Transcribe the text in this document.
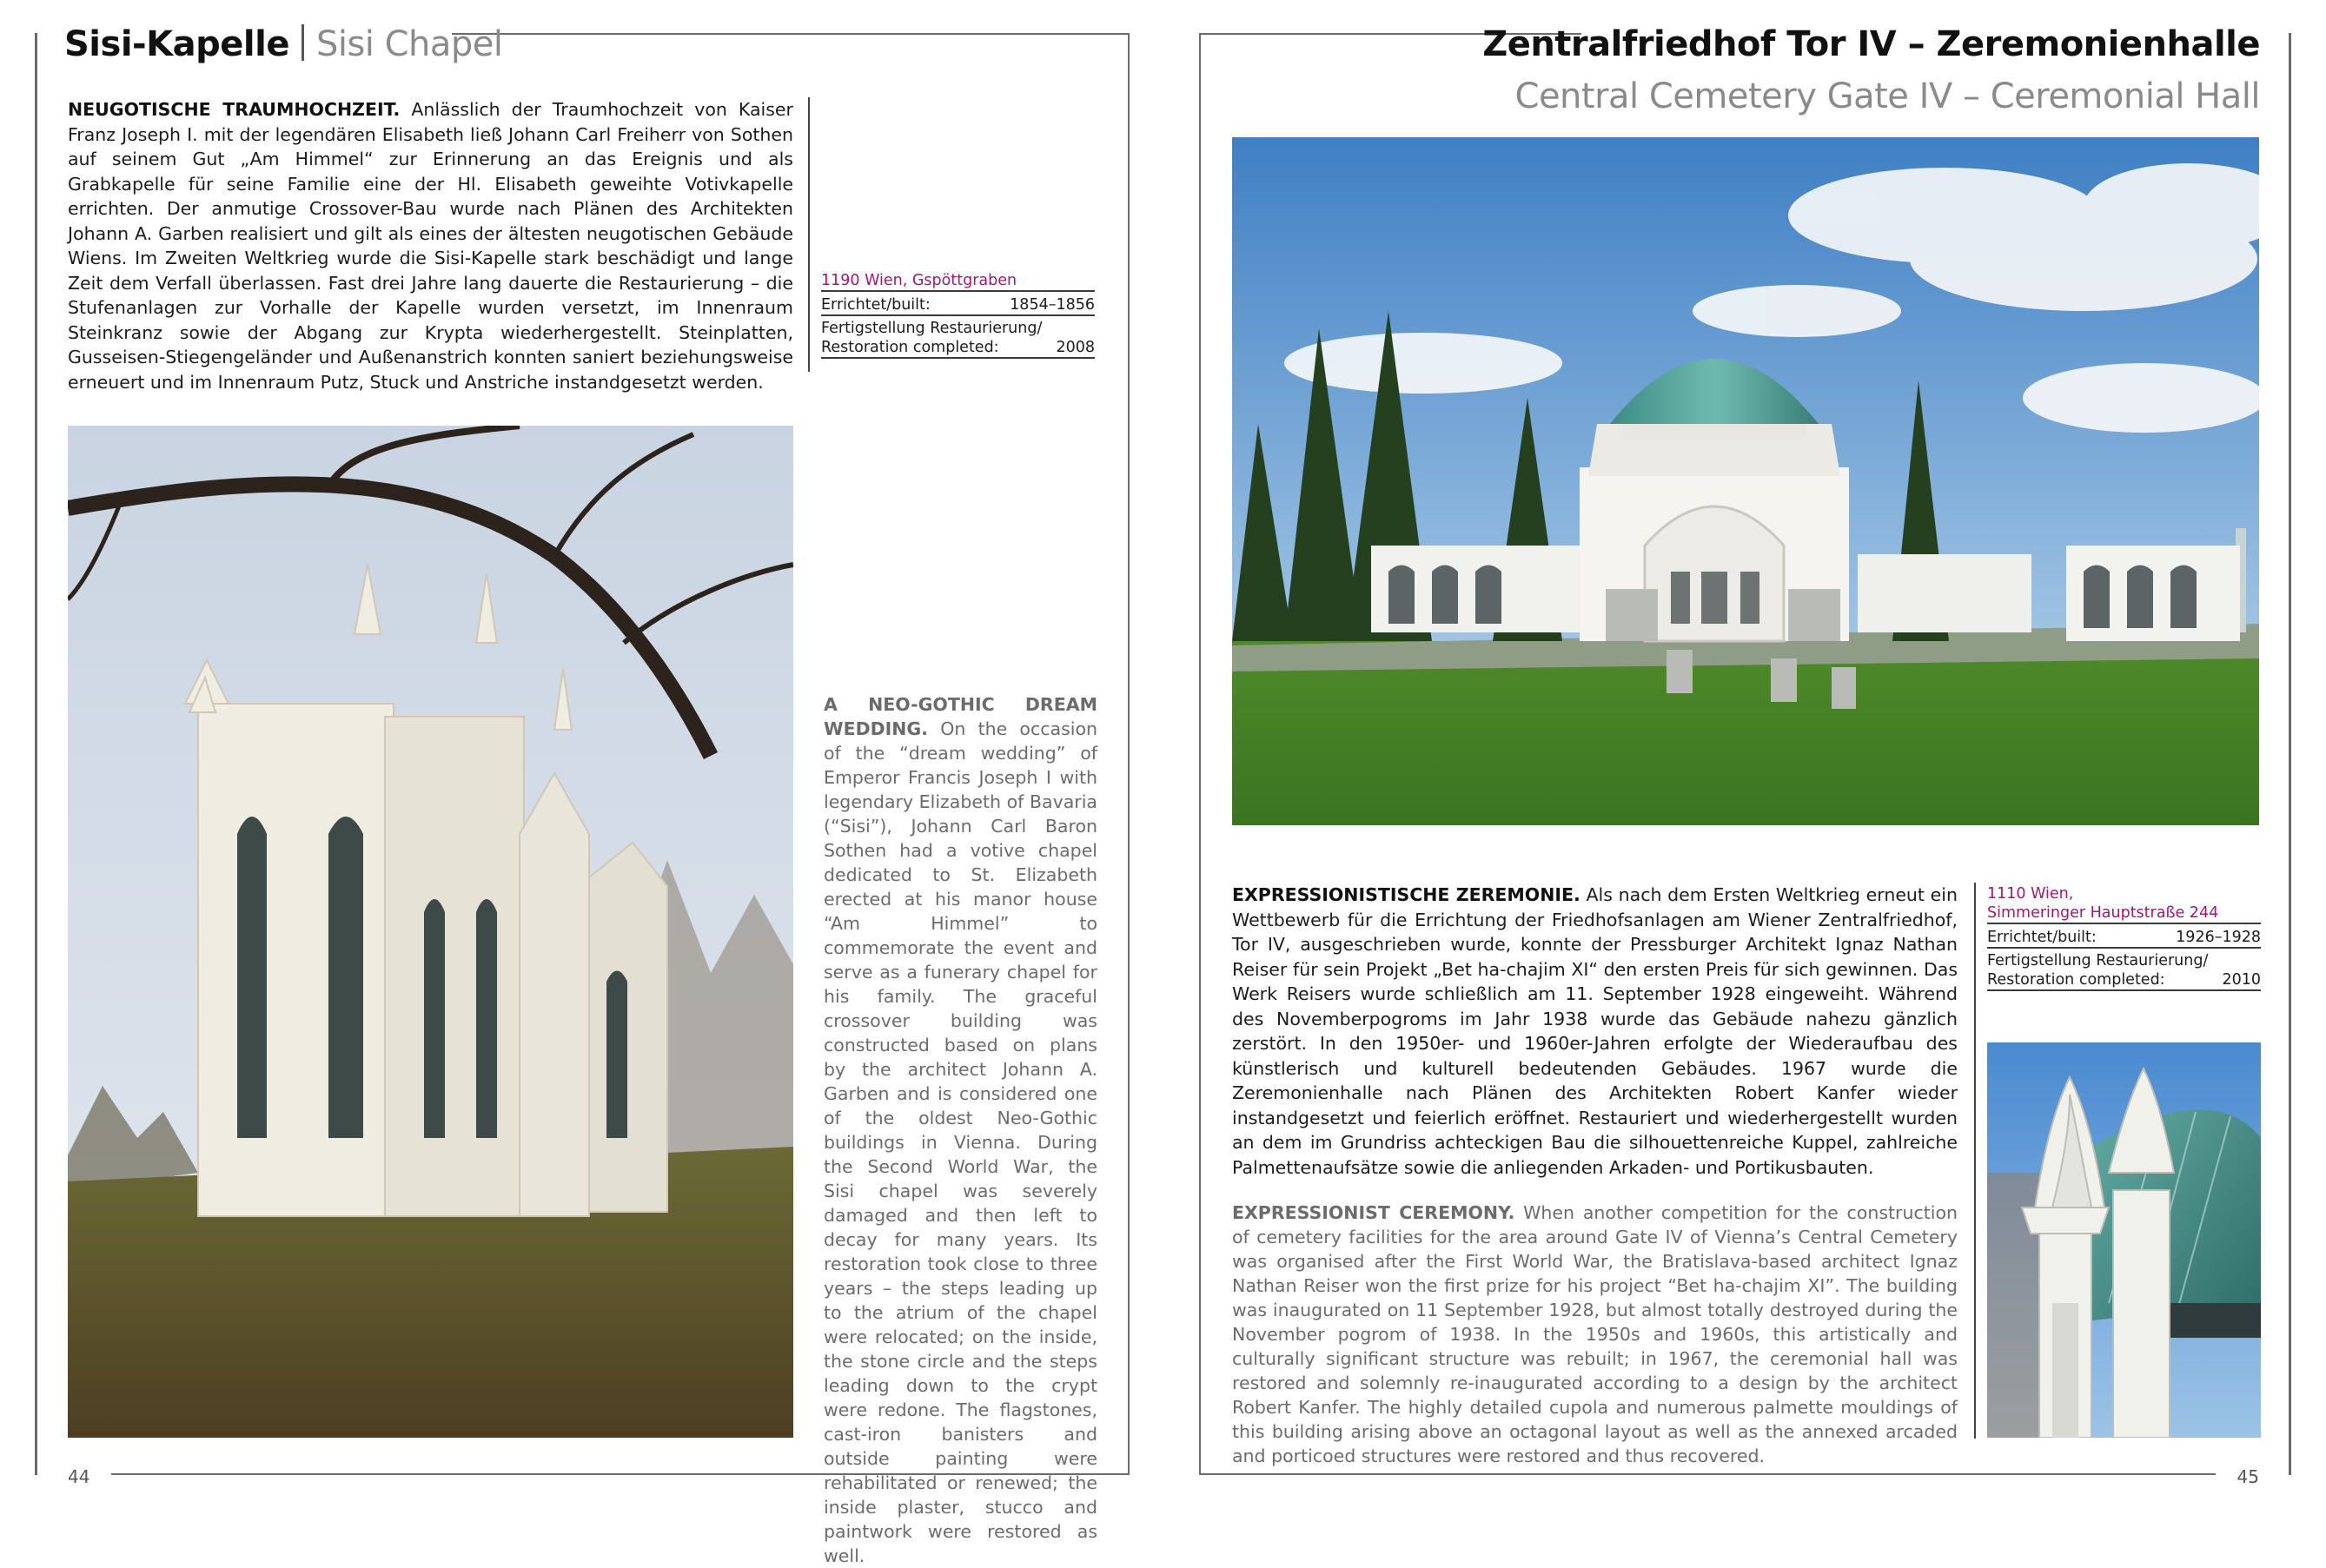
Sisi-Kapelle Sisi Chapel
NEUGOTISCHE TRAUMHOCHZEIT. Anlässlich der Traumhochzeit von Kaiser Franz Joseph I. mit der legendären Elisabeth ließ Johann Carl Freiherr von Sothen auf seinem Gut „Am Himmel“ zur Erinnerung an das Ereignis und als Grabkapelle für seine Familie eine der Hl. Elisabeth geweihte Votivkapelle errichten. Der anmutige Crossover-Bau wurde nach Plänen des Architekten Johann A. Garben realisiert und gilt als eines der ältesten neugotischen Gebäude Wiens. Im Zweiten Weltkrieg wurde die Sisi-Kapelle stark beschädigt und lange Zeit dem Verfall überlassen. Fast drei Jahre lang dauerte die Restaurierung – die Stufenanlagen zur Vorhalle der Kapelle wurden versetzt, im Innenraum Steinkranz sowie der Abgang zur Krypta wiederhergestellt. Steinplatten, Gusseisen-Stiegengeländer und Außenanstrich konnten saniert beziehungsweise erneuert und im Innenraum Putz, Stuck und Anstriche instandgesetzt werden.
1190 Wien, Gspöttgraben
Errichtet/built:	1854–1856
Fertigstellung Restaurierung/
Restoration completed:	2008
A NEO-GOTHIC DREAM WEDDING. On the occasion of the “dream wedding” of Emperor Francis Joseph I with legendary Elizabeth of Bavaria (“Sisi”), Johann Carl Baron Sothen had a votive chapel dedicated to St. Elizabeth erected at his manor house “Am Himmel” to commemorate the event and serve as a funerary chapel for his family. The graceful crossover building was constructed based on plans by the architect Johann A. Garben and is considered one of the oldest Neo-Gothic buildings in Vienna. During the Second World War, the Sisi chapel was severely damaged and then left to decay for many years. Its restoration took close to three years – the steps leading up to the atrium of the chapel were relocated; on the inside, the stone circle and the steps leading down to the crypt were redone. The flagstones, cast-iron banisters and outside painting were rehabilitated or renewed; the inside plaster, stucco and paintwork were restored as well.
44
Zentralfriedhof Tor IV – Zeremonienhalle
Central Cemetery Gate IV – Ceremonial Hall
EXPRESSIONISTISCHE ZEREMONIE. Als nach dem Ersten Weltkrieg erneut ein Wettbewerb für die Errichtung der Friedhofsanlagen am Wiener Zentralfriedhof, Tor IV, ausgeschrieben wurde, konnte der Pressburger Architekt Ignaz Nathan Reiser für sein Projekt „Bet ha-chajim XI“ den ersten Preis für sich gewinnen. Das Werk Reisers wurde schließlich am 11. September 1928 eingeweiht. Während des Novemberpogroms im Jahr 1938 wurde das Gebäude nahezu gänzlich zerstört. In den 1950er- und 1960er-Jahren erfolgte der Wiederaufbau des künstlerisch und kulturell bedeutenden Gebäudes. 1967 wurde die Zeremonienhalle nach Plänen des Architekten Robert Kanfer wieder instandgesetzt und feierlich eröffnet. Restauriert und wiederhergestellt wurden an dem im Grundriss achteckigen Bau die silhouettenreiche Kuppel, zahlreiche Palmettenaufsätze sowie die anliegenden Arkaden- und Portikusbauten.
1110 Wien,
Simmeringer Hauptstraße 244
Errichtet/built:	1926–1928
Fertigstellung Restaurierung/
Restoration completed:	2010
EXPRESSIONIST CEREMONY. When another competition for the construction of cemetery facilities for the area around Gate IV of Vienna’s Central Cemetery was organised after the First World War, the Bratislava-based architect Ignaz Nathan Reiser won the first prize for his project “Bet ha-chajim XI”. The building was inaugurated on 11 September 1928, but almost totally destroyed during the November pogrom of 1938. In the 1950s and 1960s, this artistically and culturally significant structure was rebuilt; in 1967, the ceremonial hall was restored and solemnly re-inaugurated according to a design by the architect Robert Kanfer. The highly detailed cupola and numerous palmette mouldings of this building arising above an octagonal layout as well as the annexed arcaded and porticoed structures were restored and thus recovered.
45
